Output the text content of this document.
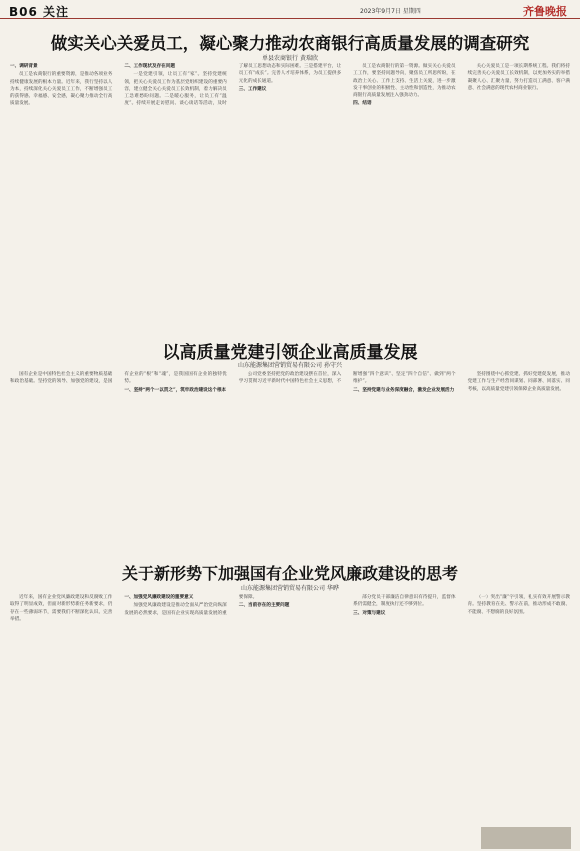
B06 关注	2023年9月7日 星期四	齐鲁晚报
做实关心关爱员工，凝心聚力推动农商银行高质量发展的调查研究
单县农商银行 黄瑞欣

一、调研背景

员工是农商银行的重要资源，是推动各项业务持续健康发展的根本力量。近年来，我行坚持以人为本，持续深化关心关爱员工工作，不断增强员工的获得感、幸福感、安全感，凝心聚力推动全行高质量发展。

二、工作现状及存在问题

一是党建引领，让员工有“家”。坚持党建统领，把关心关爱员工作为基层党组织建设的重要内容，建立健全关心关爱员工长效机制，着力解决员工急难愁盼问题。二是暖心服务，让员工有“温度”。持续开展走访慰问、谈心谈话等活动，及时了解员工思想动态和实际困难。三是搭建平台，让员工有“成长”。完善人才培养体系，为员工提供多元化的成长通道。

三、工作建议

员工是农商银行的第一资源。做实关心关爱员工工作，要坚持问题导向，聚焦员工所思所盼，在政治上关心、工作上支持、生活上关爱，进一步激发干事创业的积极性、主动性和创造性，为推动农商银行高质量发展注入强劲动力。

四、结语

关心关爱员工是一项长期系统工程。我们将持续完善关心关爱员工长效机制，以更加务实的举措凝聚人心、汇聚力量，努力打造员工满意、客户满意、社会满意的现代农村商业银行。

以高质量党建引领企业高质量发展
山东能源集团营销贸易有限公司 孙守兴

国有企业是中国特色社会主义的重要物质基础和政治基础。坚持党的领导、加强党的建设，是国有企业的“根”和“魂”，是我国国有企业的独特优势。

一、坚持“两个一以贯之”，筑牢政治建设这个根本

公司党委坚持把党的政治建设摆在首位，深入学习贯彻习近平新时代中国特色社会主义思想，不断增强“四个意识”、坚定“四个自信”、做到“两个维护”。

二、坚持党建与业务深度融合，激发企业发展活力

坚持围绕中心抓党建、抓好党建促发展，推动党建工作与生产经营同谋划、同部署、同落实、同考核，以高质量党建引领保障企业高质量发展。

关于新形势下加强国有企业党风廉政建设的思考
山东能源集团营销贸易有限公司 华晔

近年来，国有企业党风廉政建设和反腐败工作取得了明显成效，但面对新形势新任务新要求，仍存在一些薄弱环节，需要我们不断深化认识、完善举措。

一、加强党风廉政建设的重要意义

加强党风廉政建设是推动全面从严治党向纵深发展的必然要求，是国有企业实现高质量发展的重要保障。

二、当前存在的主要问题

部分党员干部廉洁自律意识有待提升，监督体系仍需健全，制度执行还不够到位。

三、对策与建议

（一）突出“廉”字引领，礼实有效开展警示教育。坚持教育在先、警示在前，推动形成不敢腐、不能腐、不想腐的良好氛围。
